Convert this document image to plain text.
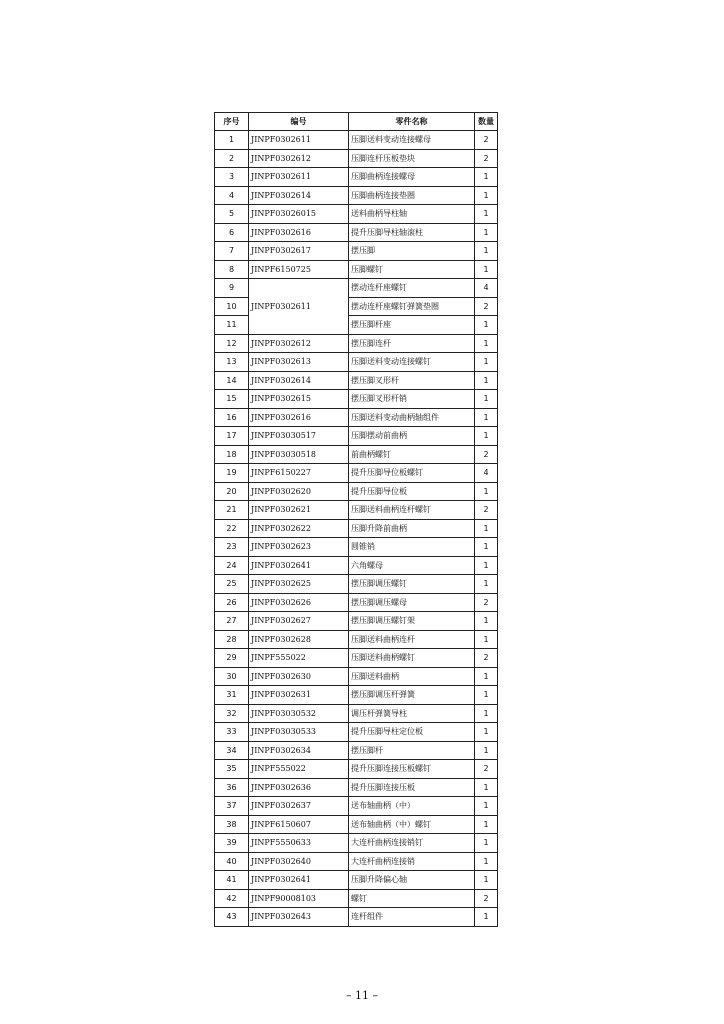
序号	编号	零件名称	数量
1	JINPF0302611	压脚送料变动连接螺母	2
2	JINPF0302612	压脚连杆压板垫块	2
3	JINPF0302611	压脚曲柄连接螺母	1
4	JINPF0302614	压脚曲柄连接垫圈	1
5	JINPF03026015	送料曲柄导柱轴	1
6	JINPF0302616	提升压脚导柱轴滚柱	1
7	JINPF0302617	摆压脚	1
8	JINPF6150725	压脚螺钉	1
9	JINPF0302611	摆动连杆座螺钉	4
10		摆动连杆座螺钉弹簧垫圈	2
11		摆压脚杆座	1
12	JINPF0302612	摆压脚连杆	1
13	JINPF0302613	压脚送料变动连接螺钉	1
14	JINPF0302614	摆压脚叉形杆	1
15	JINPF0302615	摆压脚叉形杆销	1
16	JINPF0302616	压脚送料变动曲柄轴组件	1
17	JINPF03030517	压脚摆动前曲柄	1
18	JINPF03030518	前曲柄螺钉	2
19	JINPF6150227	提升压脚导位板螺钉	4
20	JINPF0302620	提升压脚导位板	1
21	JINPF0302621	压脚送料曲柄连杆螺钉	2
22	JINPF0302622	压脚升降前曲柄	1
23	JINPF0302623	圆锥销	1
24	JINPF0302641	六角螺母	1
25	JINPF0302625	摆压脚调压螺钉	1
26	JINPF0302626	摆压脚调压螺母	2
27	JINPF0302627	摆压脚调压螺钉架	1
28	JINPF0302628	压脚送料曲柄连杆	1
29	JINPF555022	压脚送料曲柄螺钉	2
30	JINPF0302630	压脚送料曲柄	1
31	JINPF0302631	摆压脚调压杆弹簧	1
32	JINPF03030532	调压杆弹簧导柱	1
33	JINPF03030533	提升压脚导柱定位板	1
34	JINPF0302634	摆压脚杆	1
35	JINPF555022	提升压脚连接压板螺钉	2
36	JINPF0302636	提升压脚连接压板	1
37	JINPF0302637	送布轴曲柄（中）	1
38	JINPF6150607	送布轴曲柄（中）螺钉	1
39	JINPF5550633	大连杆曲柄连接销钉	1
40	JINPF0302640	大连杆曲柄连接销	1
41	JINPF0302641	压脚升降偏心轴	1
42	JINPF90008103	螺钉	2
43	JINPF0302643	连杆组件	1
– 11 –
